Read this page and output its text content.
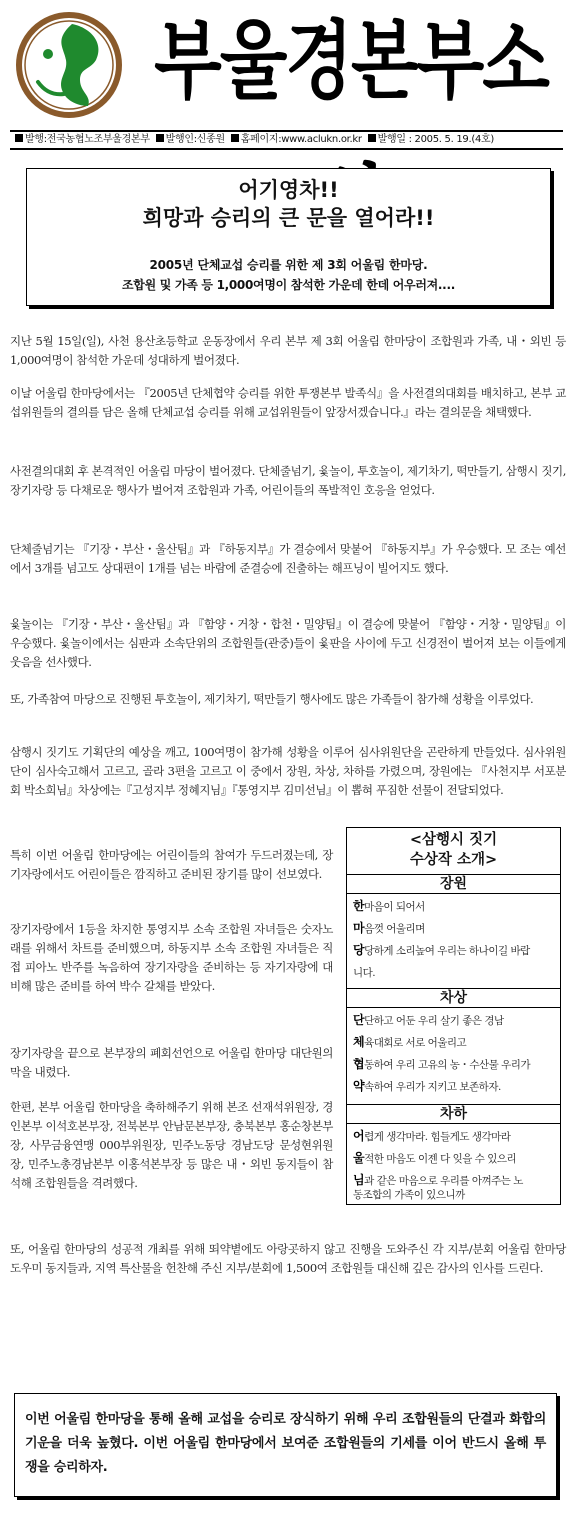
부울경본부소
발행:전국농협노조부울경본부 발행인:신종원 홈페이지:www.aclukn.or.kr 발행일 : 2005. 5. 19.(4호)
어기영차!!
희망과 승리의 큰 문을 열어라!!
2005년 단체교섭 승리를 위한 제 3회 어울림 한마당.
조합원 및 가족 등 1,000여명이 참석한 가운데 한데 어우러져....

지난 5월 15일(일), 사천 용산초등학교 운동장에서 우리 본부 제 3회 어울림 한마당이 조합원과 가족, 내・외빈 등 1,000여명이 참석한 가운데 성대하게 벌어졌다.

이날 어울림 한마당에서는 『2005년 단체협약 승리를 위한 투쟁본부 발족식』을 사전결의대회를 배치하고, 본부 교섭위원들의 결의를 담은 올해 단체교섭 승리를 위해 교섭위원들이 앞장서겠습니다.』라는 결의문을 채택했다.

사전결의대회 후 본격적인 어울림 마당이 벌어졌다. 단체줄넘기, 윷놀이, 투호놀이, 제기차기, 떡만들기, 삼행시 짓기, 장기자랑 등 다채로운 행사가 벌어져 조합원과 가족, 어린이들의 폭발적인 호응을 얻었다.

단체줄넘기는 『기장・부산・울산팀』과 『하동지부』가 결승에서 맞붙어 『하동지부』가 우승했다. 모 조는 예선에서 3개를 넘고도 상대편이 1개를 넘는 바람에 준결승에 진출하는 해프닝이 빌어지도 했다.

윷놀이는 『기장・부산・울산팀』과 『함양・거창・합천・밀양팀』이 결승에 맞붙어 『함양・거창・밀양팀』이 우승했다. 윷놀이에서는 심판과 소속단위의 조합원들(관중)들이 윷판을 사이에 두고 신경전이 벌어져 보는 이들에게 웃음을 선사했다.

또, 가족참여 마당으로 진행된 투호놀이, 제기차기, 떡만들기 행사에도 많은 가족들이 참가해 성황을 이루었다.

삼행시 짓기도 기획단의 예상을 깨고, 100여명이 참가해 성황을 이루어 심사위원단을 곤란하게 만들었다. 심사위원단이 심사숙고해서 고르고, 골라 3편을 고르고 이 중에서 장원, 차상, 차하를 가렸으며, 장원에는 『사천지부 서포분회 박소희님』차상에는『고성지부 정혜지님』『통영지부 김미선님』이 뽑혀 푸짐한 선물이 전달되었다.

특히 이번 어울림 한마당에는 어린이들의 참여가 두드러졌는데, 장기자랑에서도 어린이들은 깜직하고 준비된 장기를 많이 선보였다.

장기자랑에서 1등을 차지한 통영지부 소속 조합원 자녀들은 숫자노래를 위해서 차트를 준비했으며, 하동지부 소속 조합원 자녀들은 직접 피아노 반주를 녹음하여 장기자랑을 준비하는 등 자기자랑에 대비해 많은 준비를 하여 박수 갈채를 받았다.

장기자랑을 끝으로 본부장의 폐회선언으로 어울림 한마당 대단원의 막을 내렸다.

한편, 본부 어울림 한마당을 축하해주기 위해 본조 선재석위원장, 경인본부 이석호본부장, 전북본부 안남문본부장, 충북본부 홍순창본부장, 사무금융연맹 000부위원장, 민주노동당 경남도당 문성현위원장, 민주노총경남본부 이홍석본부장 등 많은 내・외빈 동지들이 참석해 조합원들을 격려했다.

또, 어울림 한마당의 성공적 개최를 위해 뙤약볕에도 아랑곳하지 않고 진행을 도와주신 각 지부/분회 어울림 한마당 도우미 동지들과, 지역 특산물을 헌찬해 주신 지부/분회에 1,500여 조합원들 대신해 깊은 감사의 인사를 드린다.

<삼행시 짓기
수상작 소개>
장원
한마음이 되어서
마음껏 어울리며
당당하게 소리높여 우리는 하나이길 바랍
니다.
차상
단단하고 어둔 우리 살기 좋은 경남
체육대회로 서로 어울리고
협동하여 우리 고유의 농・수산물 우리가
약속하여 우리가 지키고 보존하자.
차하
어렵게 생각마라. 힘들게도 생각마라
울적한 마음도 이젠 다 잊을 수 있으리
님과 같은 마음으로 우리를 아껴주는 노
동조합의 가족이 있으니까
이번 어울림 한마당을 통해 올해 교섭을 승리로 장식하기 위해 우리 조합원들의 단결과 화합의 기운을 더욱 높혔다. 이번 어울림 한마당에서 보여준 조합원들의 기세를 이어 반드시 올해 투쟁을 승리하자.
